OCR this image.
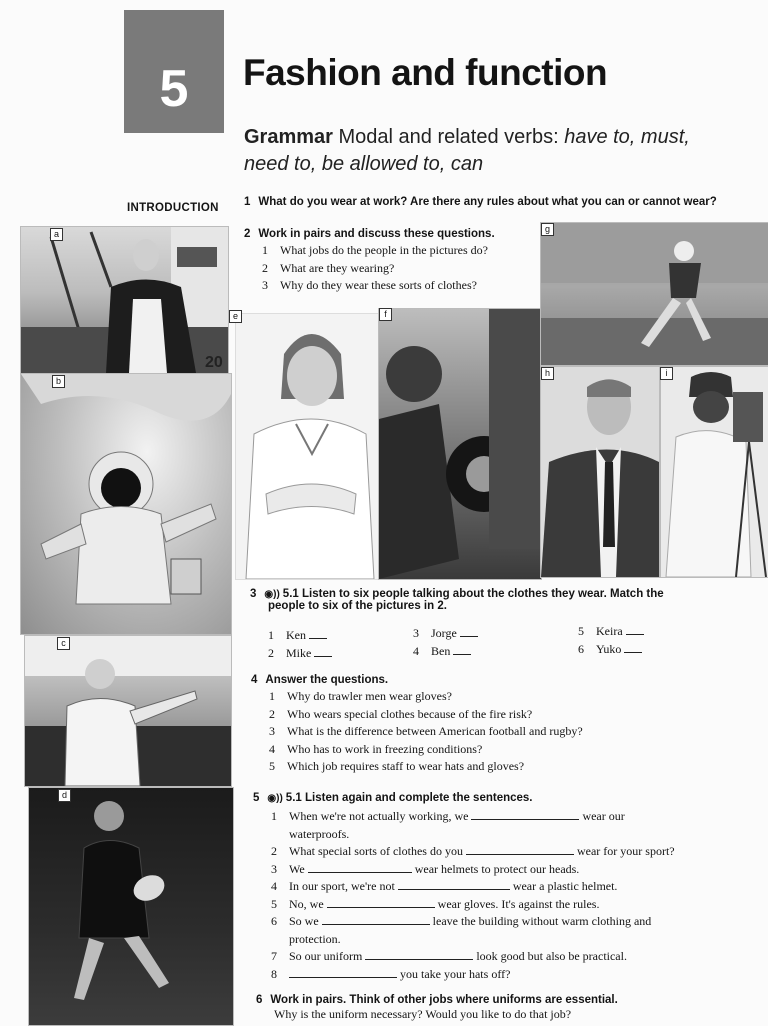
5 Fashion and function
Grammar Modal and related verbs: have to, must, need to, be allowed to, can
INTRODUCTION 1 What do you wear at work? Are there any rules about what you can or cannot wear?
2 Work in pairs and discuss these questions.
1 What jobs do the people in the pictures do?
2 What are they wearing?
3 Why do they wear these sorts of clothes?
20
a
b
c
d
e	f
g
h	i
3 ◉)) 5.1 Listen to six people talking about the clothes they wear. Match the
people to six of the pictures in 2.
1 Ken
2 Mike
3 Jorge
4 Ben
5 Keira
6 Yuko
4 Answer the questions.
1 Why do trawler men wear gloves?
2 Who wears special clothes because of the fire risk?
3 What is the difference between American football and rugby?
4 Who has to work in freezing conditions?
5 Which job requires staff to wear hats and gloves?
5 ◉)) 5.1 Listen again and complete the sentences.
1 When we're not actually working, we	wear our
waterproofs.
2 What special sorts of clothes do you	wear for your sport?
3 We	wear helmets to protect our heads.
4 In our sport, we're not	wear a plastic helmet.
5 No, we	wear gloves. It's against the rules.
6 So we	leave the building without warm clothing and
protection.
7 So our uniform	look good but also be practical.
8	you take your hats off?
6 Work in pairs. Think of other jobs where uniforms are essential.
Why is the uniform necessary? Would you like to do that job?
